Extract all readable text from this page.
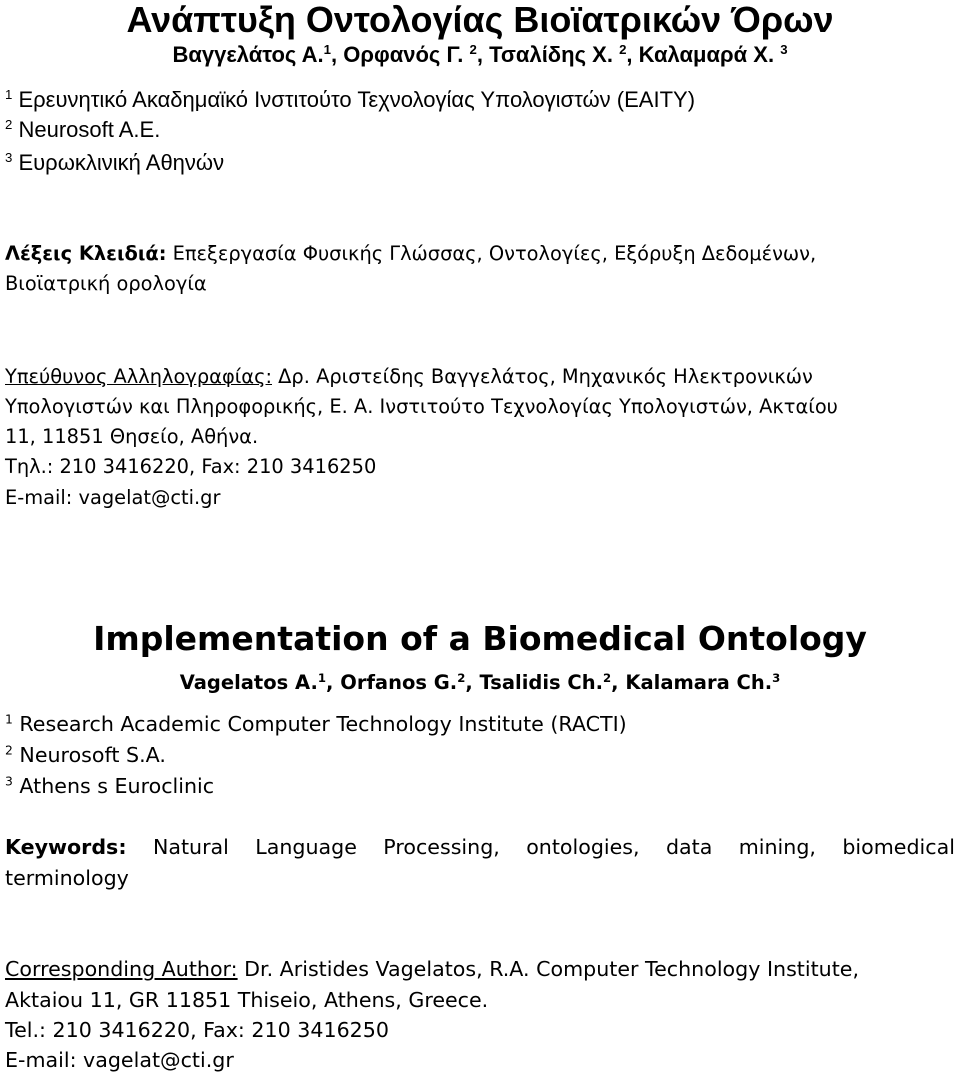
Ανάπτυξη Οντολογίας Βιοϊατρικών Όρων
Βαγγελάτος Α.$^1$, Ορφανός Γ. $^2$, Τσαλίδης Χ. $^2$, Καλαμαρά Χ. $^3$
$^1$ Ερευνητικό Ακαδημαϊκό Ινστιτούτο Τεχνολογίας Υπολογιστών (ΕΑΙΤΥ)
$^2$ Neurosoft A.E.
$^3$ Ευρωκλινική Αθηνών
Λέξεις Κλειδιά: Επεξεργασία Φυσικής Γλώσσας, Οντολογίες, Εξόρυξη Δεδομένων,
Βιοϊατρική ορολογία
Υπεύθυνος Αλληλογραφίας: Δρ. Αριστείδης Βαγγελάτος, Μηχανικός Ηλεκτρονικών
Υπολογιστών και Πληροφορικής, Ε. Α. Ινστιτούτο Τεχνολογίας Υπολογιστών, Ακταίου
11, 11851 Θησείο, Αθήνα.
Τηλ.: 210 3416220, Fax: 210 3416250
E-mail: vagelat@cti.gr
Implementation of a Biomedical Ontology
Vagelatos A.$^1$, Orfanos G.$^2$, Tsalidis Ch.$^2$, Kalamara Ch.$^3$
$^1$ Research Academic Computer Technology Institute (RACTI)
$^2$ Neurosoft S.A.
$^3$ Athens s Euroclinic
Keywords: Natural Language Processing, ontologies, data mining, biomedical
terminology
Corresponding Author: Dr. Aristides Vagelatos, R.A. Computer Technology Institute,
Aktaiou 11, GR 11851 Thiseio, Athens, Greece.
Tel.: 210 3416220, Fax: 210 3416250
E-mail: vagelat@cti.gr
